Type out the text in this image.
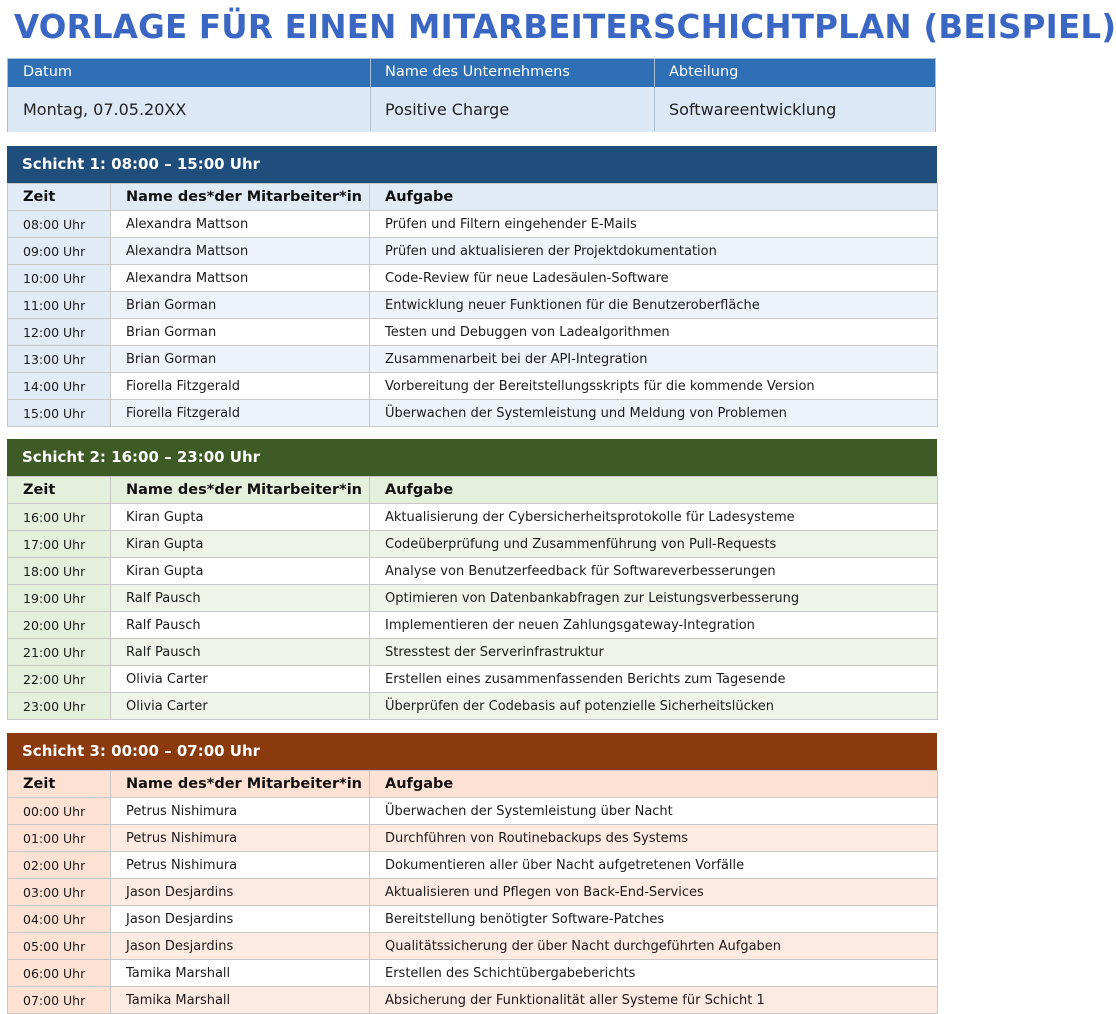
VORLAGE FÜR EINEN MITARBEITERSCHICHTPLAN (BEISPIEL)
Datum	Name des Unternehmens	Abteilung
Montag, 07.05.20XX	Positive Charge	Softwareentwicklung
Schicht 1: 08:00 – 15:00 Uhr
Zeit	Name des*der Mitarbeiter*in	Aufgabe
08:00 Uhr	Alexandra Mattson	Prüfen und Filtern eingehender E-Mails
09:00 Uhr	Alexandra Mattson	Prüfen und aktualisieren der Projektdokumentation
10:00 Uhr	Alexandra Mattson	Code-Review für neue Ladesäulen-Software
11:00 Uhr	Brian Gorman	Entwicklung neuer Funktionen für die Benutzeroberfläche
12:00 Uhr	Brian Gorman	Testen und Debuggen von Ladealgorithmen
13:00 Uhr	Brian Gorman	Zusammenarbeit bei der API-Integration
14:00 Uhr	Fiorella Fitzgerald	Vorbereitung der Bereitstellungsskripts für die kommende Version
15:00 Uhr	Fiorella Fitzgerald	Überwachen der Systemleistung und Meldung von Problemen
Schicht 2: 16:00 – 23:00 Uhr
Zeit	Name des*der Mitarbeiter*in	Aufgabe
16:00 Uhr	Kiran Gupta	Aktualisierung der Cybersicherheitsprotokolle für Ladesysteme
17:00 Uhr	Kiran Gupta	Codeüberprüfung und Zusammenführung von Pull-Requests
18:00 Uhr	Kiran Gupta	Analyse von Benutzerfeedback für Softwareverbesserungen
19:00 Uhr	Ralf Pausch	Optimieren von Datenbankabfragen zur Leistungsverbesserung
20:00 Uhr	Ralf Pausch	Implementieren der neuen Zahlungsgateway-Integration
21:00 Uhr	Ralf Pausch	Stresstest der Serverinfrastruktur
22:00 Uhr	Olivia Carter	Erstellen eines zusammenfassenden Berichts zum Tagesende
23:00 Uhr	Olivia Carter	Überprüfen der Codebasis auf potenzielle Sicherheitslücken
Schicht 3: 00:00 – 07:00 Uhr
Zeit	Name des*der Mitarbeiter*in	Aufgabe
00:00 Uhr	Petrus Nishimura	Überwachen der Systemleistung über Nacht
01:00 Uhr	Petrus Nishimura	Durchführen von Routinebackups des Systems
02:00 Uhr	Petrus Nishimura	Dokumentieren aller über Nacht aufgetretenen Vorfälle
03:00 Uhr	Jason Desjardins	Aktualisieren und Pflegen von Back-End-Services
04:00 Uhr	Jason Desjardins	Bereitstellung benötigter Software-Patches
05:00 Uhr	Jason Desjardins	Qualitätssicherung der über Nacht durchgeführten Aufgaben
06:00 Uhr	Tamika Marshall	Erstellen des Schichtübergabeberichts
07:00 Uhr	Tamika Marshall	Absicherung der Funktionalität aller Systeme für Schicht 1
